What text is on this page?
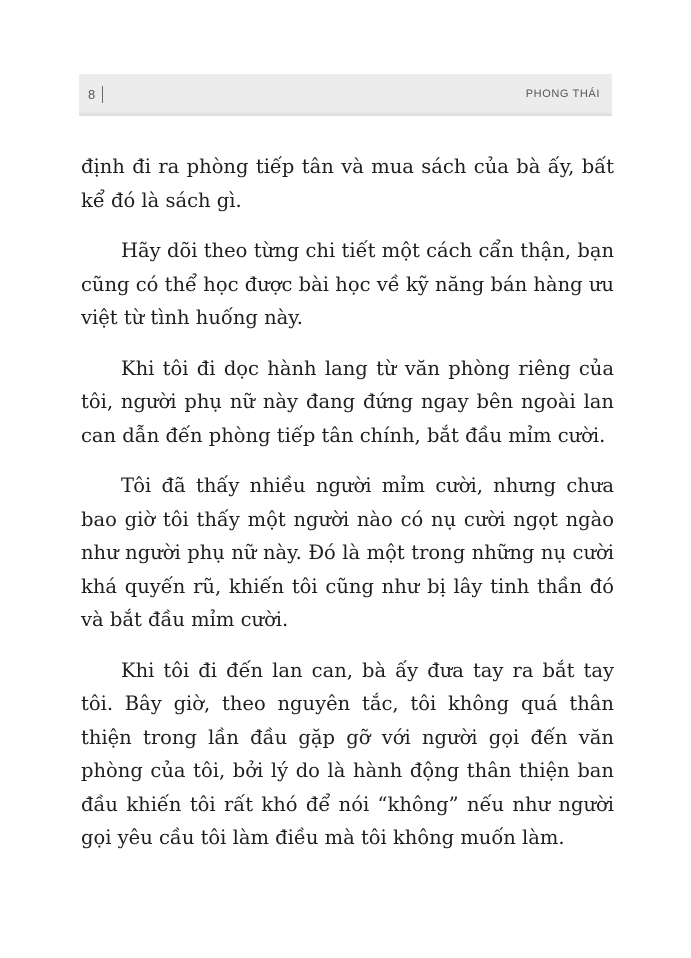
8	PHONG THÁI

định đi ra phòng tiếp tân và mua sách của bà ấy, bất kể đó là sách gì.

Hãy dõi theo từng chi tiết một cách cẩn thận, bạn cũng có thể học được bài học về kỹ năng bán hàng ưu việt từ tình huống này.

Khi tôi đi dọc hành lang từ văn phòng riêng của tôi, người phụ nữ này đang đứng ngay bên ngoài lan can dẫn đến phòng tiếp tân chính, bắt đầu mỉm cười.

Tôi đã thấy nhiều người mỉm cười, nhưng chưa bao giờ tôi thấy một người nào có nụ cười ngọt ngào như người phụ nữ này. Đó là một trong những nụ cười khá quyến rũ, khiến tôi cũng như bị lây tinh thần đó và bắt đầu mỉm cười.

Khi tôi đi đến lan can, bà ấy đưa tay ra bắt tay tôi. Bây giờ, theo nguyên tắc, tôi không quá thân thiện trong lần đầu gặp gỡ với người gọi đến văn phòng của tôi, bởi lý do là hành động thân thiện ban đầu khiến tôi rất khó để nói “không” nếu như người gọi yêu cầu tôi làm điều mà tôi không muốn làm.
